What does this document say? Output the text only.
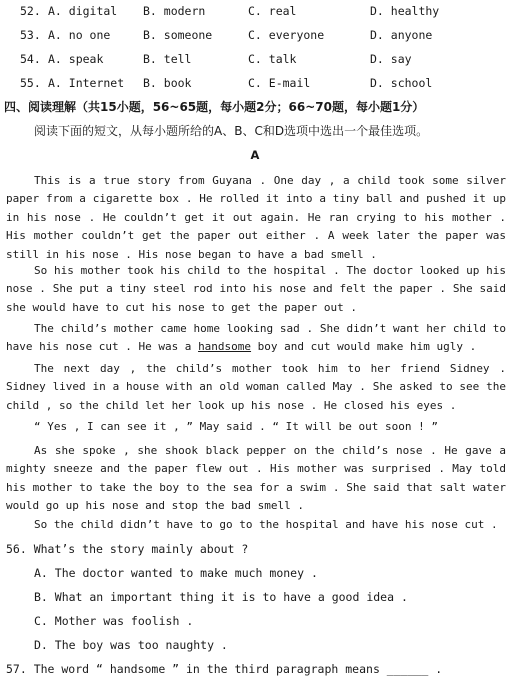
52. A. digital B. modern	C. real	D. healthy
53. A. no one	B. someone	C. everyone	D. anyone
54. A. speak	B. tell	C. talk	D. say
55. A. Internet B. book	C. E-mail	D. school
四、阅读理解（共15小题，56~65题，每小题2分；66~70题，每小题1分）
阅读下面的短文，从每小题所给的A、B、C和D选项中选出一个最佳选项。
A
This is a true story from Guyana . One day , a child took some silver paper from a cigarette box . He rolled it into a tiny ball and pushed it up in his nose . He couldn’t get it out again. He ran crying to his mother . His mother couldn’t get the paper out either . A week later the paper was still in his nose . His nose began to have a bad smell .
So his mother took his child to the hospital . The doctor looked up his nose . She put a tiny steel rod into his nose and felt the paper . She said she would have to cut his nose to get the paper out .
The child’s mother came home looking sad . She didn’t want her child to have his nose cut . He was a handsome boy and cut would make him ugly .
The next day , the child’s mother took him to her friend Sidney . Sidney lived in a house with an old woman called May . She asked to see the child , so the child let her look up his nose . He closed his eyes .
“ Yes , I can see it , ” May said . “ It will be out soon ! ”
As she spoke , she shook black pepper on the child’s nose . He gave a mighty sneeze and the paper flew out . His mother was surprised . May told his mother to take the boy to the sea for a swim . She said that salt water would go up his nose and stop the bad smell .
So the child didn’t have to go to the hospital and have his nose cut .
56. What’s the story mainly about ?
A. The doctor wanted to make much money .
B. What an important thing it is to have a good idea .
C. Mother was foolish .
D. The boy was too naughty .
57. The word “ handsome ” in the third paragraph means ______ .
